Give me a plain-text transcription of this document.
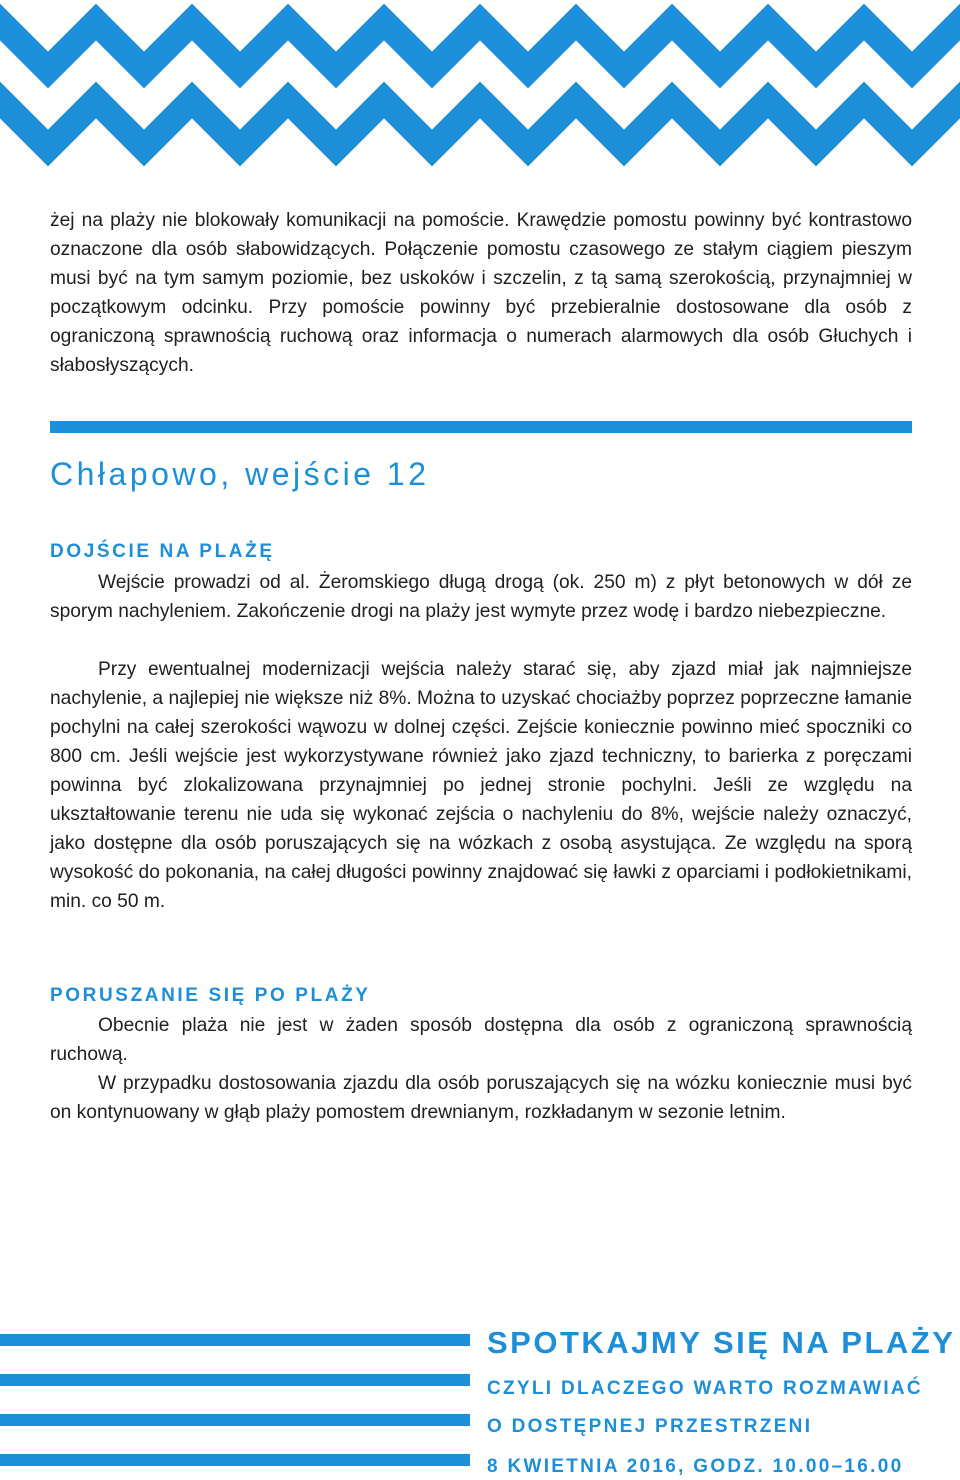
żej na plaży nie blokowały komunikacji na pomoście. Krawędzie pomostu powinny być kontrastowo oznaczone dla osób słabowidzących. Połączenie pomostu czasowego ze stałym ciągiem pieszym musi być na tym samym poziomie, bez uskoków i szczelin, z tą samą szerokością, przynajmniej w początkowym odcinku. Przy pomoście powinny być przebieralnie dostosowane dla osób z ograniczoną sprawnością ruchową oraz informacja o numerach alarmowych dla osób Głuchych i słabosłyszących.

Chłapowo, wejście 12
DOJŚCIE NA PLAŻĘ

Wejście prowadzi od al. Żeromskiego długą drogą (ok. 250 m) z płyt betonowych w dół ze sporym nachyleniem. Zakończenie drogi na plaży jest wymyte przez wodę i bardzo niebezpieczne.

Przy ewentualnej modernizacji wejścia należy starać się, aby zjazd miał jak najmniejsze nachylenie, a najlepiej nie większe niż 8%. Można to uzyskać chociażby poprzez poprzeczne łamanie pochylni na całej szerokości wąwozu w dolnej części. Zejście koniecznie powinno mieć spoczniki co 800 cm. Jeśli wejście jest wykorzystywane również jako zjazd techniczny, to barierka z poręczami powinna być zlokalizowana przynajmniej po jednej stronie pochylni. Jeśli ze względu na ukształtowanie terenu nie uda się wykonać zejścia o nachyleniu do 8%, wejście należy oznaczyć, jako dostępne dla osób poruszających się na wózkach z osobą asystująca. Ze względu na sporą wysokość do pokonania, na całej długości powinny znajdować się ławki z oparciami i podłokietnikami, min. co 50 m.

PORUSZANIE SIĘ PO PLAŻY

Obecnie plaża nie jest w żaden sposób dostępna dla osób z ograniczoną sprawnością ruchową.

W przypadku dostosowania zjazdu dla osób poruszających się na wózku koniecznie musi być on kontynuowany w głąb plaży pomostem drewnianym, rozkładanym w sezonie letnim.

SPOTKAJMY SIĘ NA PLAŻY

CZYLI DLACZEGO WARTO ROZMAWIAĆ

O DOSTĘPNEJ PRZESTRZENI

8 KWIETNIA 2016, GODZ. 10.00–16.00
